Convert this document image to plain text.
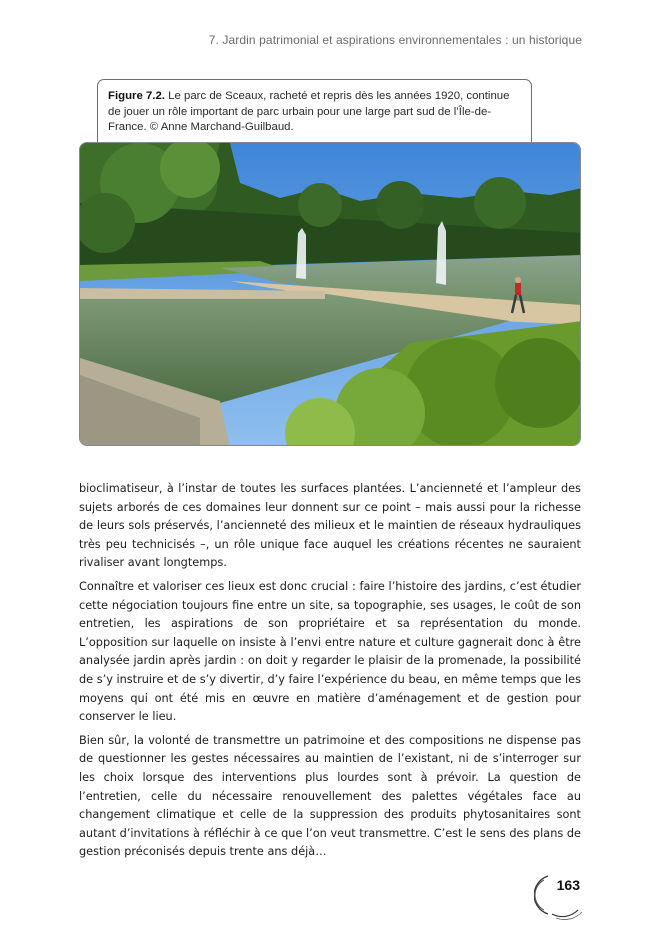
7. Jardin patrimonial et aspirations environnementales : un historique
Figure 7.2. Le parc de Sceaux, racheté et repris dès les années 1920, continue de jouer un rôle important de parc urbain pour une large part sud de l’Île-de-France. © Anne Marchand-Guilbaud.

bioclimatiseur, à l’instar de toutes les surfaces plantées. L’ancienneté et l’ampleur des sujets arborés de ces domaines leur donnent sur ce point – mais aussi pour la richesse de leurs sols préservés, l’ancienneté des milieux et le maintien de réseaux hydrauliques très peu technicisés –, un rôle unique face auquel les créations récentes ne sauraient rivaliser avant longtemps.

Connaître et valoriser ces lieux est donc crucial : faire l’histoire des jardins, c’est étudier cette négociation toujours fine entre un site, sa topographie, ses usages, le coût de son entretien, les aspirations de son propriétaire et sa représentation du monde. L’opposition sur laquelle on insiste à l’envi entre nature et culture gagnerait donc à être analysée jardin après jardin : on doit y regarder le plaisir de la promenade, la possibilité de s’y instruire et de s’y divertir, d’y faire l’expérience du beau, en même temps que les moyens qui ont été mis en œuvre en matière d’aménagement et de gestion pour conserver le lieu.

Bien sûr, la volonté de transmettre un patrimoine et des compositions ne dispense pas de questionner les gestes nécessaires au maintien de l’existant, ni de s’interroger sur les choix lorsque des interventions plus lourdes sont à prévoir. La question de l’entretien, celle du nécessaire renouvellement des palettes végétales face au changement climatique et celle de la suppression des produits phytosanitaires sont autant d’invitations à réfléchir à ce que l’on veut transmettre. C’est le sens des plans de gestion préconisés depuis trente ans déjà…

163
